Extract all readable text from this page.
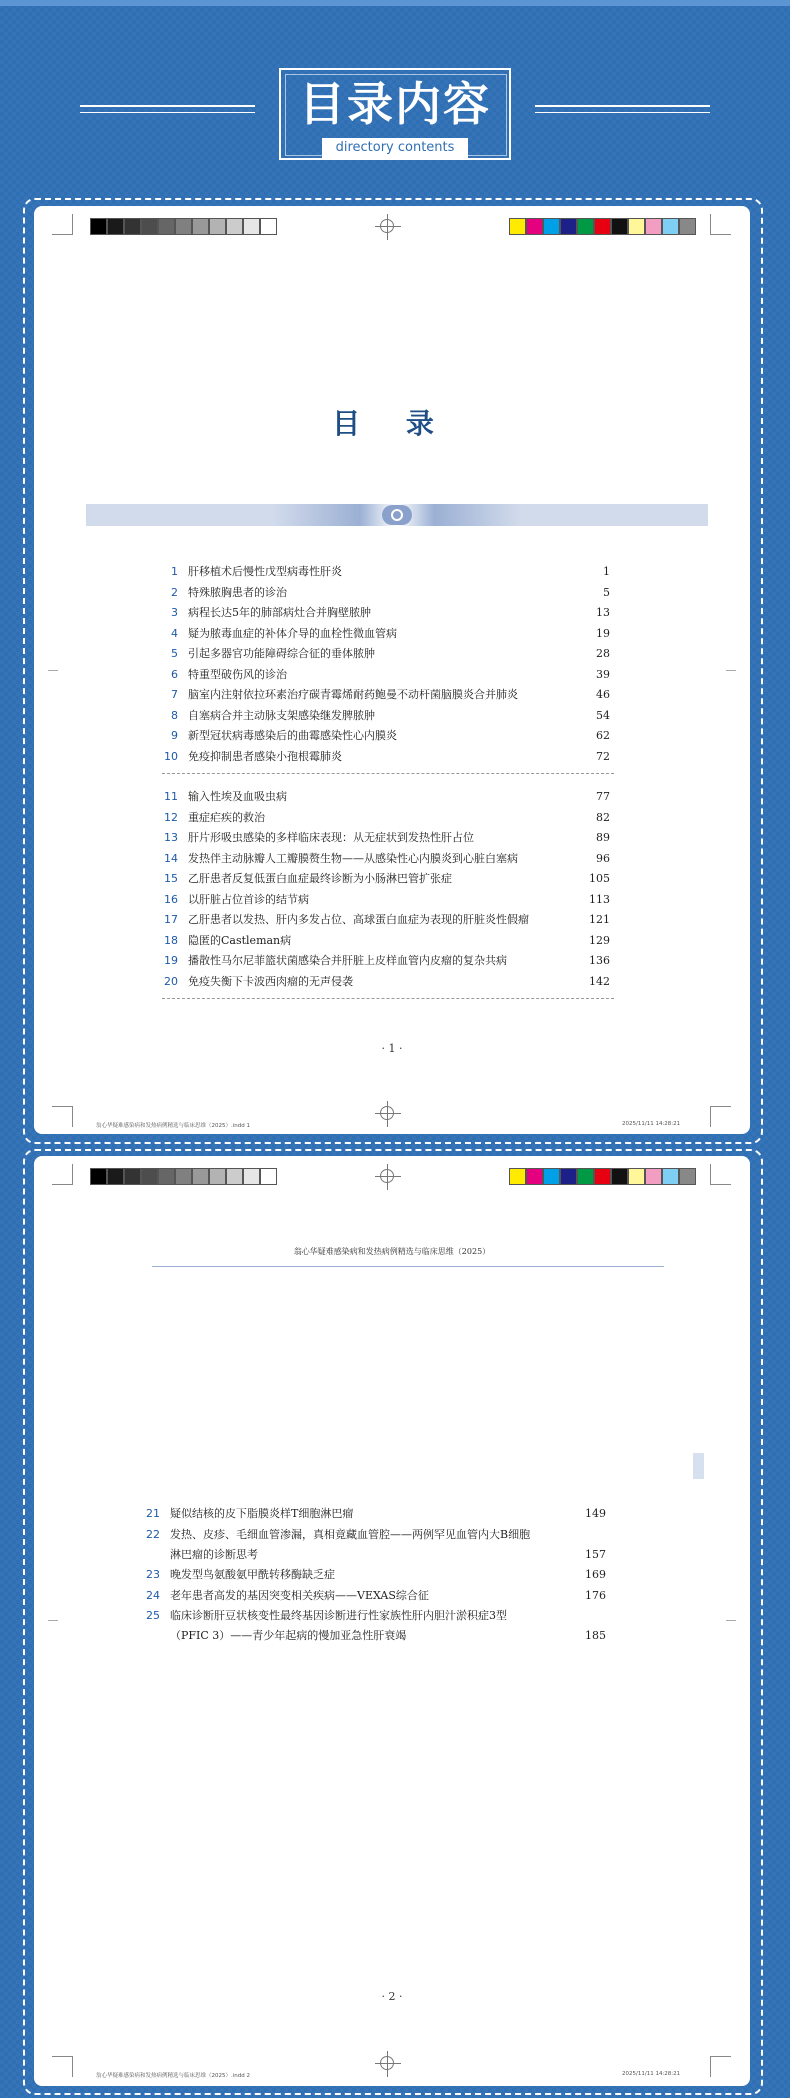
目录内容
directory contents
目 录
1 肝移植术后慢性戊型病毒性肝炎	1
2 特殊脓胸患者的诊治	5
3 病程长达5年的肺部病灶合并胸壁脓肿	13
4 疑为脓毒血症的补体介导的血栓性微血管病	19
5 引起多器官功能障碍综合征的垂体脓肿	28
6 特重型破伤风的诊治	39
7 脑室内注射依拉环素治疗碳青霉烯耐药鲍曼不动杆菌脑膜炎合并肺炎	46
8 自塞病合并主动脉支架感染继发脾脓肿	54
9 新型冠状病毒感染后的曲霉感染性心内膜炎	62
10 免疫抑制患者感染小孢根霉肺炎	72
11 输入性埃及血吸虫病	77
12 重症疟疾的救治	82
13 肝片形吸虫感染的多样临床表现：从无症状到发热性肝占位	89
14 发热伴主动脉瓣人工瓣膜赘生物——从感染性心内膜炎到心脏白塞病	96
15 乙肝患者反复低蛋白血症最终诊断为小肠淋巴管扩张症	105
16 以肝脏占位首诊的结节病	113
17 乙肝患者以发热、肝内多发占位、高球蛋白血症为表现的肝脏炎性假瘤	121
18 隐匿的Castleman病	129
19 播散性马尔尼菲篮状菌感染合并肝脏上皮样血管内皮瘤的复杂共病	136
20 免疫失衡下卡波西肉瘤的无声侵袭	142
· 1 ·
翁心华疑难感染病和发热病例精选与临床思维（2025）.indd 1	2025/11/11 14:28:21
翁心华疑难感染病和发热病例精选与临床思维（2025）
21 疑似结核的皮下脂膜炎样T细胞淋巴瘤	149
22 发热、皮疹、毛细血管渗漏，真相竟藏血管腔——两例罕见血管内大B细胞
淋巴瘤的诊断思考	157
23 晚发型鸟氨酸氨甲酰转移酶缺乏症	169
24 老年患者高发的基因突变相关疾病——VEXAS综合征	176
25 临床诊断肝豆状核变性最终基因诊断进行性家族性肝内胆汁淤积症3型
（PFIC 3）——青少年起病的慢加亚急性肝衰竭	185
· 2 ·
翁心华疑难感染病和发热病例精选与临床思维（2025）.indd 2	2025/11/11 14:28:21
